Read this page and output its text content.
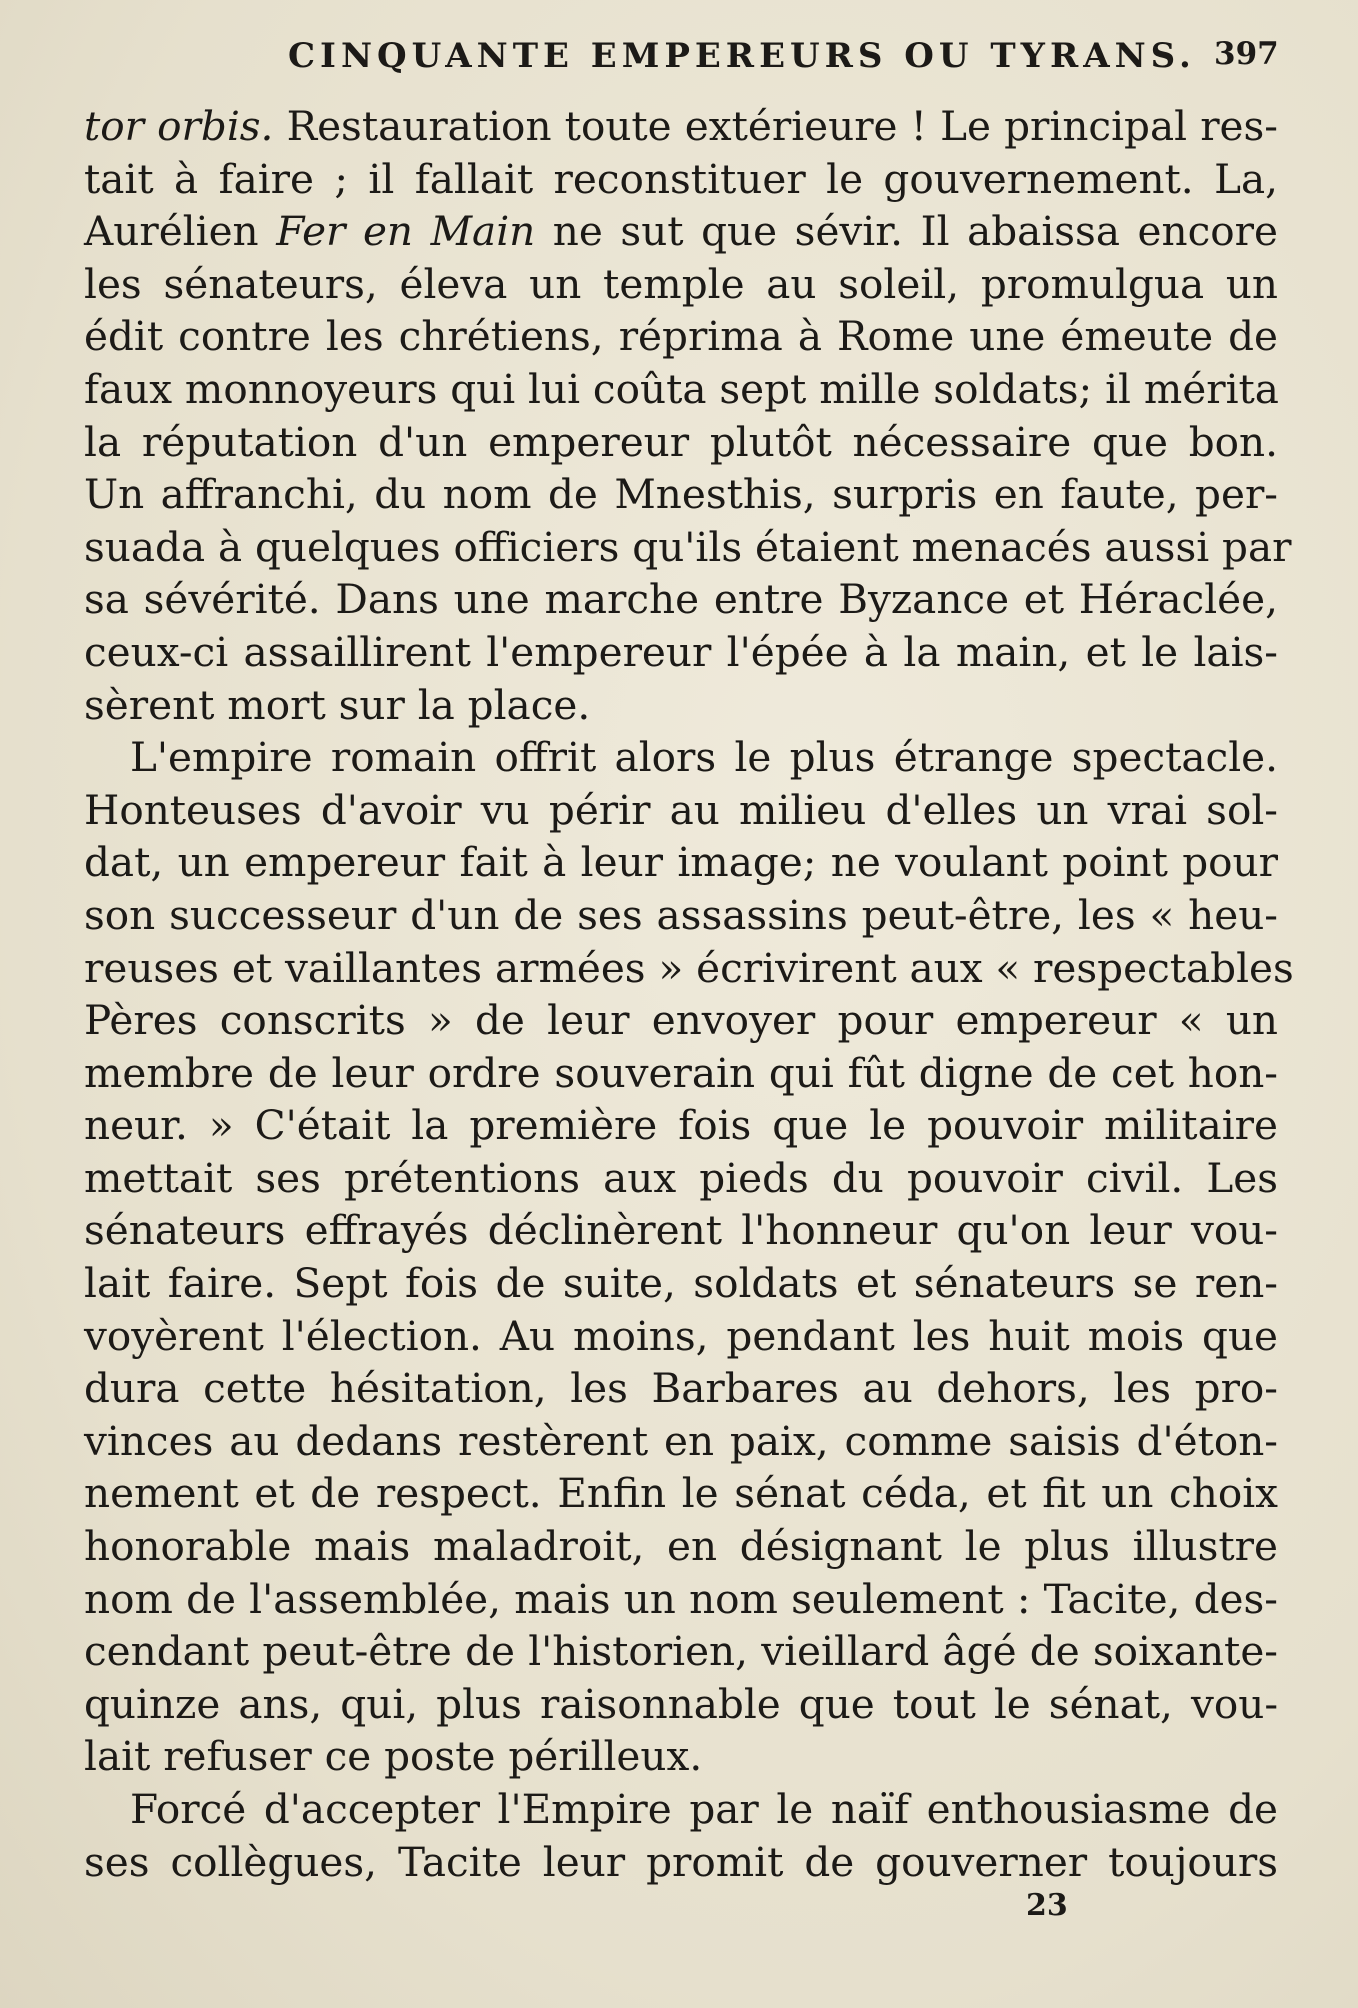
CINQUANTE EMPEREURS OU TYRANS. 397
tor orbis. Restauration toute extérieure ! Le principal res-
tait à faire ; il fallait reconstituer le gouvernement. La,
Aurélien Fer en Main ne sut que sévir. Il abaissa encore
les sénateurs, éleva un temple au soleil, promulgua un
édit contre les chrétiens, réprima à Rome une émeute de
faux monnoyeurs qui lui coûta sept mille soldats; il mérita
la réputation d'un empereur plutôt nécessaire que bon.
Un affranchi, du nom de Mnesthis, surpris en faute, per-
suada à quelques officiers qu'ils étaient menacés aussi par
sa sévérité. Dans une marche entre Byzance et Héraclée,
ceux-ci assaillirent l'empereur l'épée à la main, et le lais-
sèrent mort sur la place.
L'empire romain offrit alors le plus étrange spectacle.
Honteuses d'avoir vu périr au milieu d'elles un vrai sol-
dat, un empereur fait à leur image; ne voulant point pour
son successeur d'un de ses assassins peut-être, les « heu-
reuses et vaillantes armées » écrivirent aux « respectables
Pères conscrits » de leur envoyer pour empereur « un
membre de leur ordre souverain qui fût digne de cet hon-
neur. » C'était la première fois que le pouvoir militaire
mettait ses prétentions aux pieds du pouvoir civil. Les
sénateurs effrayés déclinèrent l'honneur qu'on leur vou-
lait faire. Sept fois de suite, soldats et sénateurs se ren-
voyèrent l'élection. Au moins, pendant les huit mois que
dura cette hésitation, les Barbares au dehors, les pro-
vinces au dedans restèrent en paix, comme saisis d'éton-
nement et de respect. Enfin le sénat céda, et fit un choix
honorable mais maladroit, en désignant le plus illustre
nom de l'assemblée, mais un nom seulement : Tacite, des-
cendant peut-être de l'historien, vieillard âgé de soixante-
quinze ans, qui, plus raisonnable que tout le sénat, vou-
lait refuser ce poste périlleux.
Forcé d'accepter l'Empire par le naïf enthousiasme de
ses collègues, Tacite leur promit de gouverner toujours
23
